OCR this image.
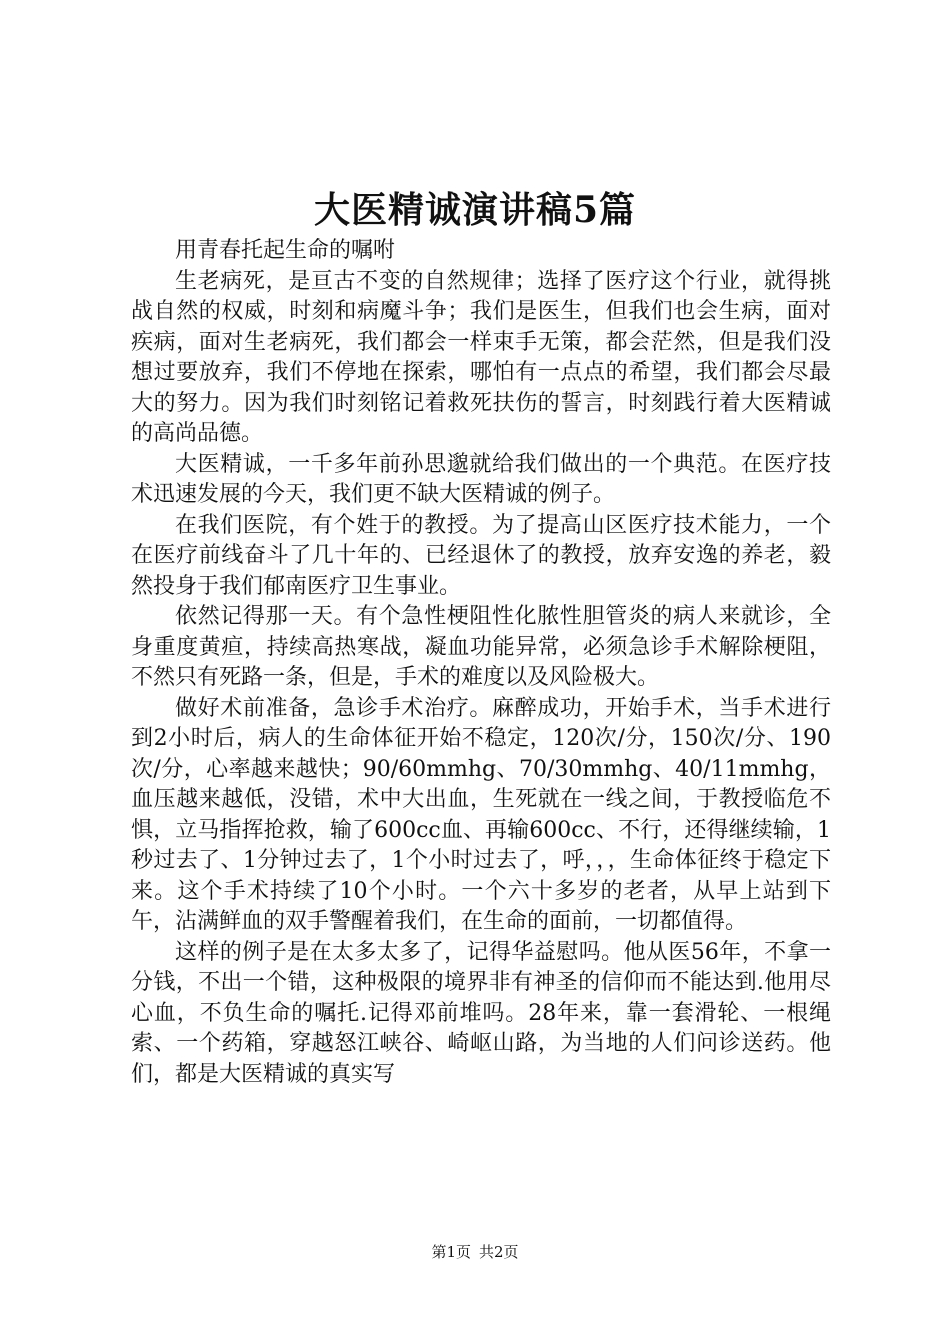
大医精诚演讲稿5篇

用青春托起生命的嘱咐

生老病死，是亘古不变的自然规律；选择了医疗这个行业，就得挑战自然的权威，时刻和病魔斗争；我们是医生，但我们也会生病，面对疾病，面对生老病死，我们都会一样束手无策，都会茫然，但是我们没想过要放弃，我们不停地在探索，哪怕有一点点的希望，我们都会尽最大的努力。因为我们时刻铭记着救死扶伤的誓言，时刻践行着大医精诚的高尚品德。

大医精诚，一千多年前孙思邈就给我们做出的一个典范。在医疗技术迅速发展的今天，我们更不缺大医精诚的例子。

在我们医院，有个姓于的教授。为了提高山区医疗技术能力，一个在医疗前线奋斗了几十年的、已经退休了的教授，放弃安逸的养老，毅然投身于我们郁南医疗卫生事业。

依然记得那一天。有个急性梗阻性化脓性胆管炎的病人来就诊，全身重度黄疸，持续高热寒战，凝血功能异常，必须急诊手术解除梗阻，不然只有死路一条，但是，手术的难度以及风险极大。

做好术前准备，急诊手术治疗。麻醉成功，开始手术，当手术进行到2小时后，病人的生命体征开始不稳定，120次/分，150次/分、190次/分，心率越来越快；90/60mmhg、70/30mmhg、40/11mmhg，血压越来越低，没错，术中大出血，生死就在一线之间，于教授临危不惧，立马指挥抢救，输了600cc血、再输600cc、不行，还得继续输，1秒过去了、1分钟过去了，1个小时过去了，呼，，，生命体征终于稳定下来。这个手术持续了10个小时。一个六十多岁的老者，从早上站到下午，沾满鲜血的双手警醒着我们，在生命的面前，一切都值得。

这样的例子是在太多太多了，记得华益慰吗。他从医56年，不拿一分钱，不出一个错，这种极限的境界非有神圣的信仰而不能达到.他用尽心血，不负生命的嘱托.记得邓前堆吗。28年来，靠一套滑轮、一根绳索、一个药箱，穿越怒江峡谷、崎岖山路，为当地的人们问诊送药。他们，都是大医精诚的真实写

第1页 共2页
